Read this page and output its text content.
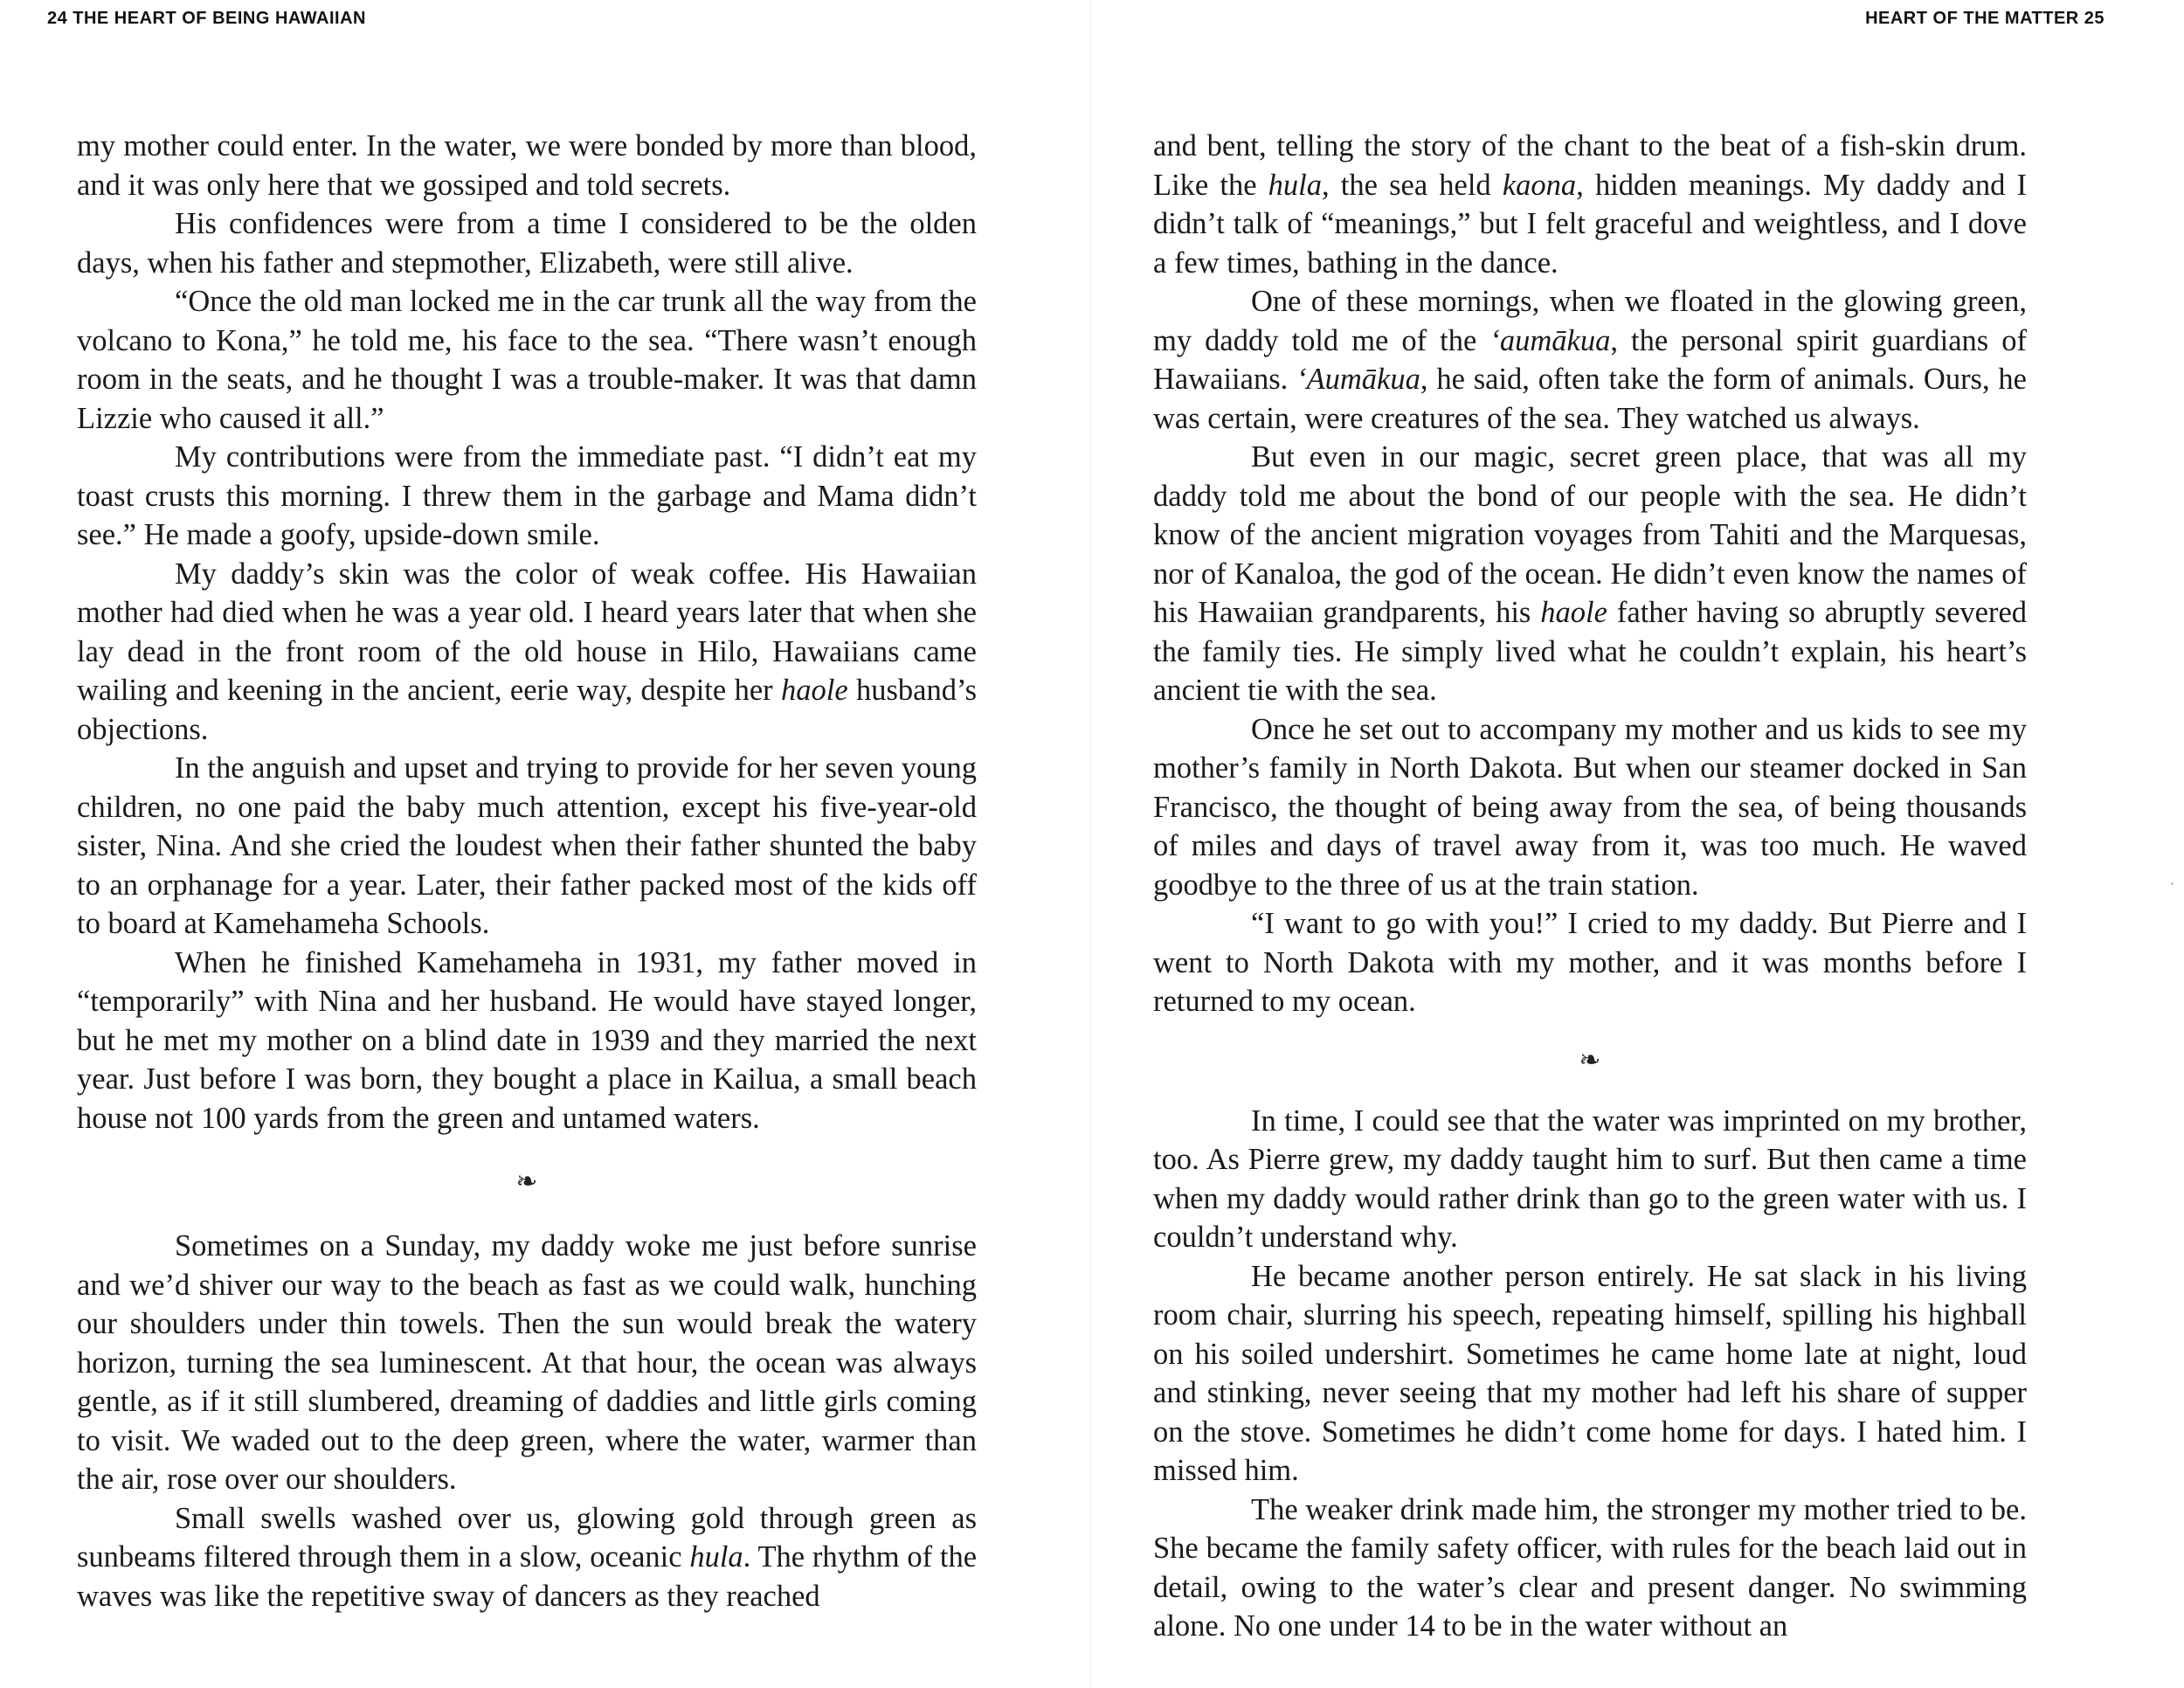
24 THE HEART OF BEING HAWAIIAN

my mother could enter. In the water, we were bonded by more than blood, and it was only here that we gossiped and told secrets.

His confidences were from a time I considered to be the olden days, when his father and stepmother, Elizabeth, were still alive.

“Once the old man locked me in the car trunk all the way from the volcano to Kona,” he told me, his face to the sea. “There wasn’t enough room in the seats, and he thought I was a trouble-maker. It was that damn Lizzie who caused it all.”

My contributions were from the immediate past. “I didn’t eat my toast crusts this morning. I threw them in the garbage and Mama didn’t see.” He made a goofy, upside-down smile.

My daddy’s skin was the color of weak coffee. His Hawaiian mother had died when he was a year old. I heard years later that when she lay dead in the front room of the old house in Hilo, Hawaiians came wailing and keening in the ancient, eerie way, despite her haole husband’s objections.

In the anguish and upset and trying to provide for her seven young children, no one paid the baby much attention, except his five-year-old sister, Nina. And she cried the loudest when their father shunted the baby to an orphanage for a year. Later, their father packed most of the kids off to board at Kamehameha Schools.

When he finished Kamehameha in 1931, my father moved in “temporarily” with Nina and her husband. He would have stayed longer, but he met my mother on a blind date in 1939 and they married the next year. Just before I was born, they bought a place in Kailua, a small beach house not 100 yards from the green and untamed waters.

❧

Sometimes on a Sunday, my daddy woke me just before sunrise and we’d shiver our way to the beach as fast as we could walk, hunching our shoulders under thin towels. Then the sun would break the watery horizon, turning the sea luminescent. At that hour, the ocean was always gentle, as if it still slumbered, dreaming of daddies and little girls coming to visit. We waded out to the deep green, where the water, warmer than the air, rose over our shoulders.

Small swells washed over us, glowing gold through green as sunbeams filtered through them in a slow, oceanic hula. The rhythm of the waves was like the repetitive sway of dancers as they reached

HEART OF THE MATTER 25

and bent, telling the story of the chant to the beat of a fish-skin drum. Like the hula, the sea held kaona, hidden meanings. My daddy and I didn’t talk of “meanings,” but I felt graceful and weightless, and I dove a few times, bathing in the dance.

One of these mornings, when we floated in the glowing green, my daddy told me of the ‘aumākua, the personal spirit guardians of Hawaiians. ‘Aumākua, he said, often take the form of animals. Ours, he was certain, were creatures of the sea. They watched us always.

But even in our magic, secret green place, that was all my daddy told me about the bond of our people with the sea. He didn’t know of the ancient migration voyages from Tahiti and the Marquesas, nor of Kanaloa, the god of the ocean. He didn’t even know the names of his Hawaiian grandparents, his haole father having so abruptly severed the family ties. He simply lived what he couldn’t explain, his heart’s ancient tie with the sea.

Once he set out to accompany my mother and us kids to see my mother’s family in North Dakota. But when our steamer docked in San Francisco, the thought of being away from the sea, of being thousands of miles and days of travel away from it, was too much. He waved goodbye to the three of us at the train station.

“I want to go with you!” I cried to my daddy. But Pierre and I went to North Dakota with my mother, and it was months before I returned to my ocean.

❧

In time, I could see that the water was imprinted on my brother, too. As Pierre grew, my daddy taught him to surf. But then came a time when my daddy would rather drink than go to the green water with us. I couldn’t understand why.

He became another person entirely. He sat slack in his living room chair, slurring his speech, repeating himself, spilling his highball on his soiled undershirt. Sometimes he came home late at night, loud and stinking, never seeing that my mother had left his share of supper on the stove. Sometimes he didn’t come home for days. I hated him. I missed him.

The weaker drink made him, the stronger my mother tried to be. She became the family safety officer, with rules for the beach laid out in detail, owing to the water’s clear and present danger. No swimming alone. No one under 14 to be in the water without an
